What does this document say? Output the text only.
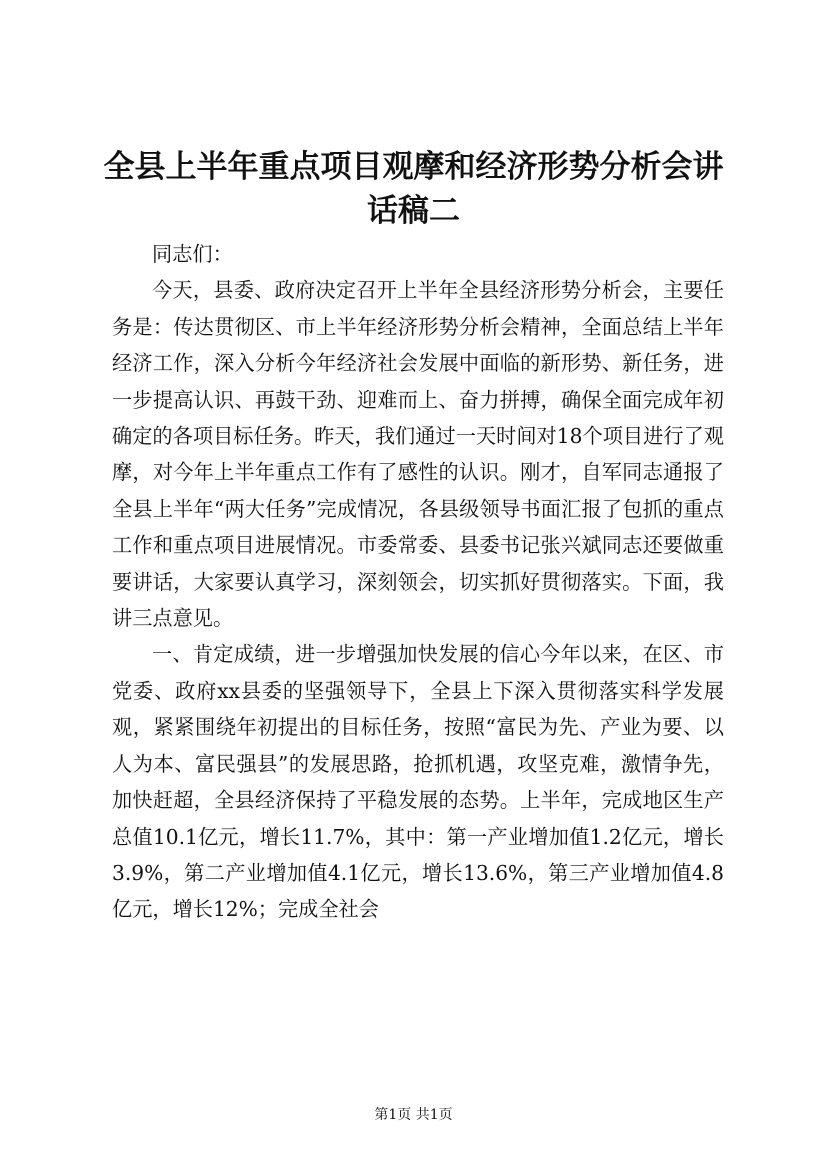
全县上半年重点项目观摩和经济形势分析会讲话稿二

同志们：

今天，县委、政府决定召开上半年全县经济形势分析会，主要任务是：传达贯彻区、市上半年经济形势分析会精神，全面总结上半年经济工作，深入分析今年经济社会发展中面临的新形势、新任务，进一步提高认识、再鼓干劲、迎难而上、奋力拼搏，确保全面完成年初确定的各项目标任务。昨天，我们通过一天时间对18个项目进行了观摩，对今年上半年重点工作有了感性的认识。刚才，自军同志通报了全县上半年“两大任务”完成情况，各县级领导书面汇报了包抓的重点工作和重点项目进展情况。市委常委、县委书记张兴斌同志还要做重要讲话，大家要认真学习，深刻领会，切实抓好贯彻落实。下面，我讲三点意见。

一、肯定成绩，进一步增强加快发展的信心今年以来，在区、市党委、政府xx县委的坚强领导下，全县上下深入贯彻落实科学发展观，紧紧围绕年初提出的目标任务，按照“富民为先、产业为要、以人为本、富民强县”的发展思路，抢抓机遇，攻坚克难，激情争先，加快赶超，全县经济保持了平稳发展的态势。上半年，完成地区生产总值10.1亿元，增长11.7%，其中：第一产业增加值1.2亿元，增长3.9%，第二产业增加值4.1亿元，增长13.6%，第三产业增加值4.8亿元，增长12%；完成全社会

第1页 共1页
